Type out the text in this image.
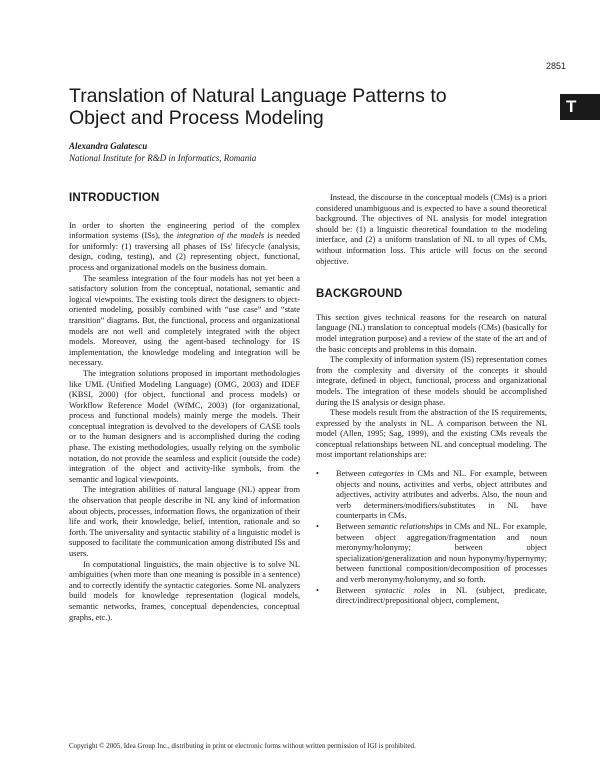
2851
T
Translation of Natural Language Patterns to
Object and Process Modeling
Alexandra Galatescu
National Institute for R&D in Informatics, Romania
INTRODUCTION

In order to shorten the engineering period of the complex information systems (ISs), the integration of the models is needed for uniformly: (1) traversing all phases of ISs' lifecycle (analysis, design, coding, testing), and (2) representing object, functional, process and organizational models on the business domain.

The seamless integration of the four models has not yet been a satisfactory solution from the conceptual, notational, semantic and logical viewpoints. The existing tools direct the designers to object-oriented modeling, possibly combined with “use case” and “state transition” diagrams. But, the functional, process and organizational models are not well and completely integrated with the object models. Moreover, using the agent-based technology for IS implementation, the knowledge modeling and integration will be necessary.

The integration solutions proposed in important methodologies like UML (Unified Modeling Language) (OMG, 2003) and IDEF (KBSI, 2000) (for object, functional and process models) or Workflow Reference Model (WfMC, 2003) (for organizational, process and functional models) mainly merge the models. Their conceptual integration is devolved to the developers of CASE tools or to the human designers and is accomplished during the coding phase. The existing methodologies, usually relying on the symbolic notation, do not provide the seamless and explicit (outside the code) integration of the object and activity-like symbols, from the semantic and logical viewpoints.

The integration abilities of natural language (NL) appear from the observation that people describe in NL any kind of information about objects, processes, information flows, the organization of their life and work, their knowledge, belief, intention, rationale and so forth. The universality and syntactic stability of a linguistic model is supposed to facilitate the communication among distributed ISs and users.

In computational linguistics, the main objective is to solve NL ambiguities (when more than one meaning is possible in a sentence) and to correctly identify the syntactic categories. Some NL analyzers build models for knowledge representation (logical models, semantic networks, frames, conceptual dependencies, conceptual graphs, etc.).

Instead, the discourse in the conceptual models (CMs) is a priori considered unambiguous and is expected to have a sound theoretical background. The objectives of NL analysis for model integration should be: (1) a linguistic theoretical foundation to the modeling interface, and (2) a uniform translation of NL to all types of CMs, without information loss. This article will focus on the second objective.

BACKGROUND

This section gives technical reasons for the research on natural language (NL) translation to conceptual models (CMs) (basically for model integration purpose) and a review of the state of the art and of the basic concepts and problems in this domain.

The complexity of information system (IS) representation comes from the complexity and diversity of the concepts it should integrate, defined in object, functional, process and organizational models. The integration of these models should be accomplished during the IS analysis or design phase.

These models result from the abstraction of the IS requirements, expressed by the analysts in NL. A comparison between the NL model (Allen, 1995; Sag, 1999), and the existing CMs reveals the conceptual relationships between NL and conceptual modeling. The most important relationships are:

• Between categories in CMs and NL. For example, between objects and nouns, activities and verbs, object attributes and adjectives, activity attributes and adverbs. Also, the noun and verb determiners/modifiers/substitutes in NL have counterparts in CMs.
• Between semantic relationships in CMs and NL. For example, between object aggregation/fragmentation and noun meronymy/holonymy; between object specialization/generalization and noun hyponymy/hypernymy; between functional composition/decomposition of processes and verb meronymy/holonymy, and so forth.
• Between syntactic roles in NL (subject, predicate, direct/indirect/prepositional object, complement,
Copyright © 2005, Idea Group Inc., distributing in print or electronic forms without written permission of IGI is prohibited.
